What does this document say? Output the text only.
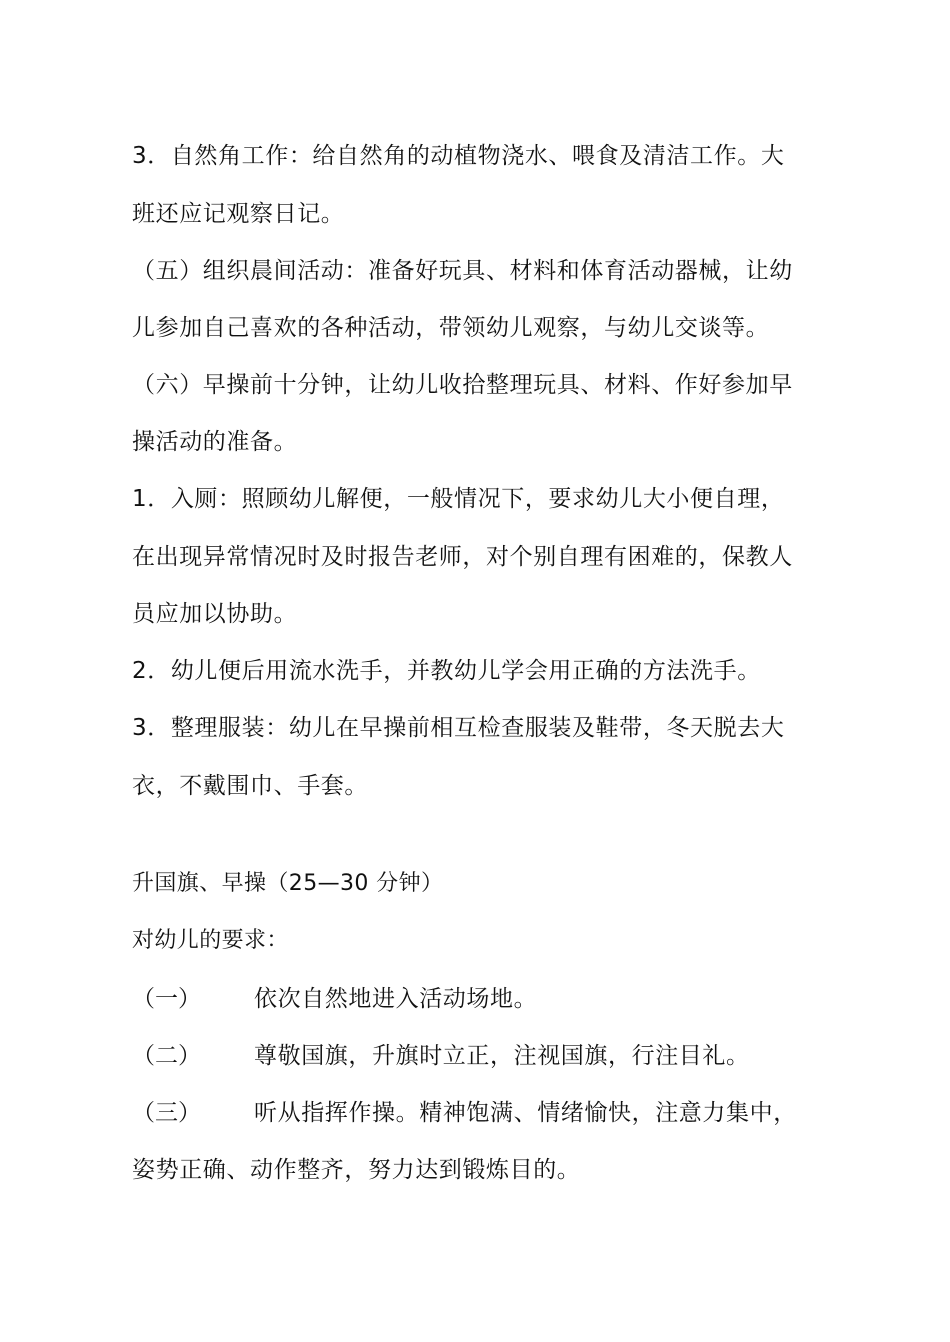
3．自然角工作：给自然角的动植物浇水、喂食及清洁工作。大
班还应记观察日记。
（五）组织晨间活动：准备好玩具、材料和体育活动器械，让幼
儿参加自己喜欢的各种活动，带领幼儿观察，与幼儿交谈等。
（六）早操前十分钟，让幼儿收拾整理玩具、材料、作好参加早
操活动的准备。
1．入厕：照顾幼儿解便，一般情况下，要求幼儿大小便自理，
在出现异常情况时及时报告老师，对个别自理有困难的，保教人
员应加以协助。
2．幼儿便后用流水洗手，并教幼儿学会用正确的方法洗手。
3．整理服装：幼儿在早操前相互检查服装及鞋带，冬天脱去大
衣，不戴围巾、手套。
升国旗、早操（25—30 分钟）
对幼儿的要求：
（一） 依次自然地进入活动场地。
（二） 尊敬国旗，升旗时立正，注视国旗，行注目礼。
（三） 听从指挥作操。精神饱满、情绪愉快，注意力集中，
姿势正确、动作整齐，努力达到锻炼目的。
